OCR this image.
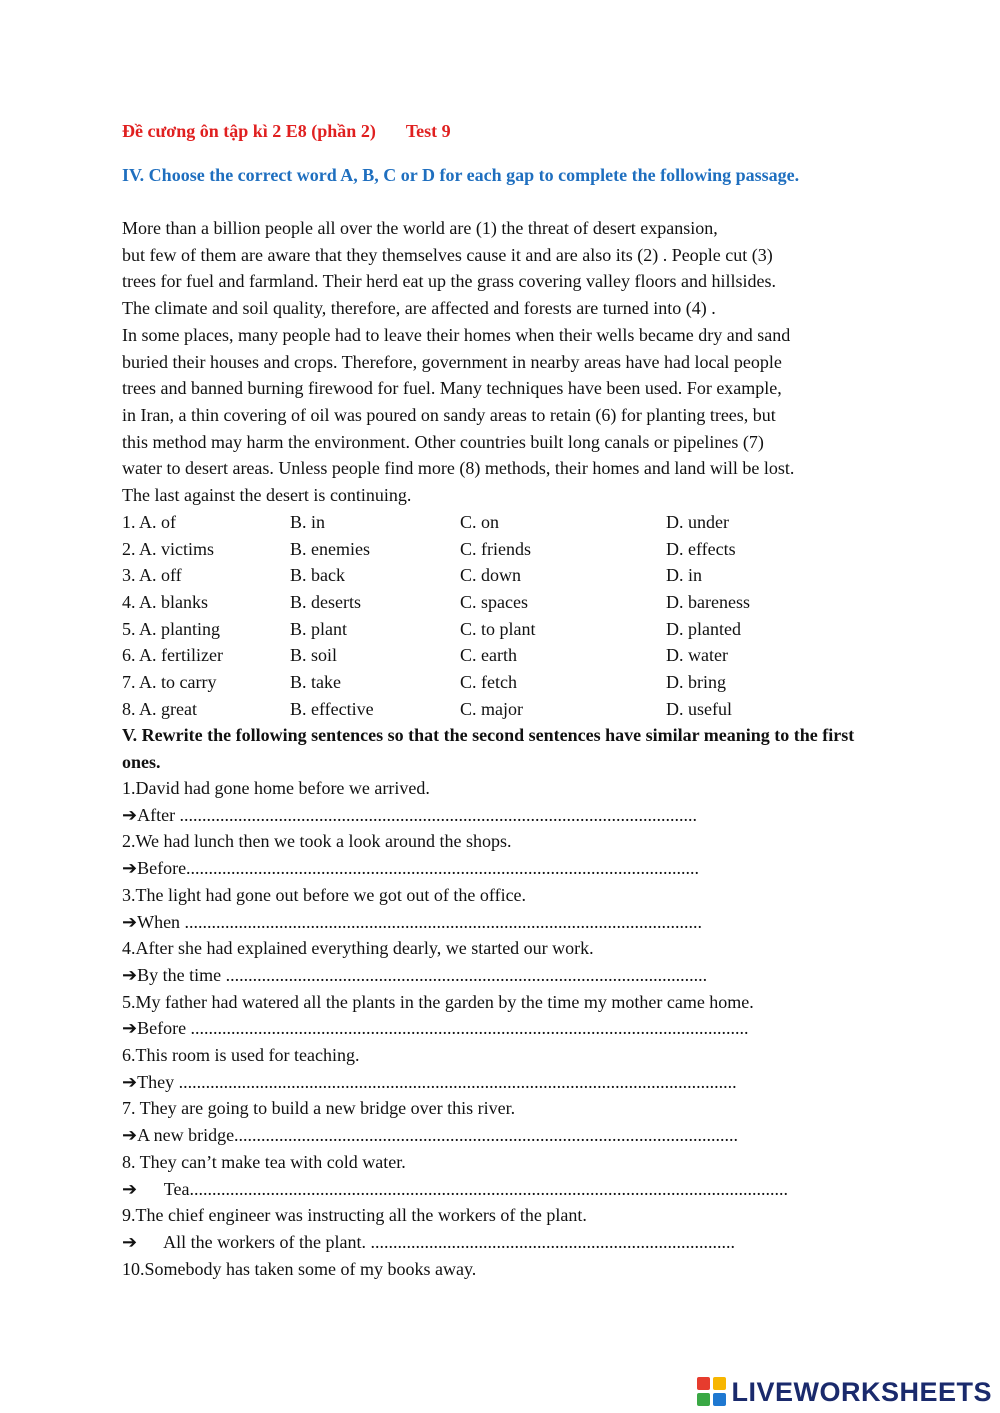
Đề cương ôn tập kì 2 E8 (phần 2) Test 9
IV. Choose the correct word A, B, C or D for each gap to complete the following passage.
More than a billion people all over the world are (1) the threat of desert expansion,
but few of them are aware that they themselves cause it and are also its (2) . People cut (3)
trees for fuel and farmland. Their herd eat up the grass covering valley floors and hillsides.
The climate and soil quality, therefore, are affected and forests are turned into (4) .
In some places, many people had to leave their homes when their wells became dry and sand
buried their houses and crops. Therefore, government in nearby areas have had local people
trees and banned burning firewood for fuel. Many techniques have been used. For example,
in Iran, a thin covering of oil was poured on sandy areas to retain (6) for planting trees, but
this method may harm the environment. Other countries built long canals or pipelines (7)
water to desert areas. Unless people find more (8) methods, their homes and land will be lost.
The last against the desert is continuing.
1. A. of	B. in	C. on	D. under
2. A. victims	B. enemies	C. friends	D. effects
3. A. off	B. back	C. down	D. in
4. A. blanks	B. deserts	C. spaces	D. bareness
5. A. planting	B. plant	C. to plant	D. planted
6. A. fertilizer	B. soil	C. earth	D. water
7. A. to carry	B. take	C. fetch	D. bring
8. A. great	B. effective	C. major	D. useful
V. Rewrite the following sentences so that the second sentences have similar meaning to the first ones.
1.David had gone home before we arrived.
➔After ...................................................................................................................
2.We had lunch then we took a look around the shops.
➔Before..................................................................................................................
3.The light had gone out before we got out of the office.
➔When ...................................................................................................................
4.After she had explained everything dearly, we started our work.
➔By the time ...........................................................................................................
5.My father had watered all the plants in the garden by the time my mother came home.
➔Before ............................................................................................................................
6.This room is used for teaching.
➔They ............................................................................................................................
7. They are going to build a new bridge over this river.
➔A new bridge................................................................................................................
8. They can’t make tea with cold water.
➔      Tea.....................................................................................................................................
9.The chief engineer was instructing all the workers of the plant.
➔      All the workers of the plant. .................................................................................
10.Somebody has taken some of my books away.
LIVEWORKSHEETS
